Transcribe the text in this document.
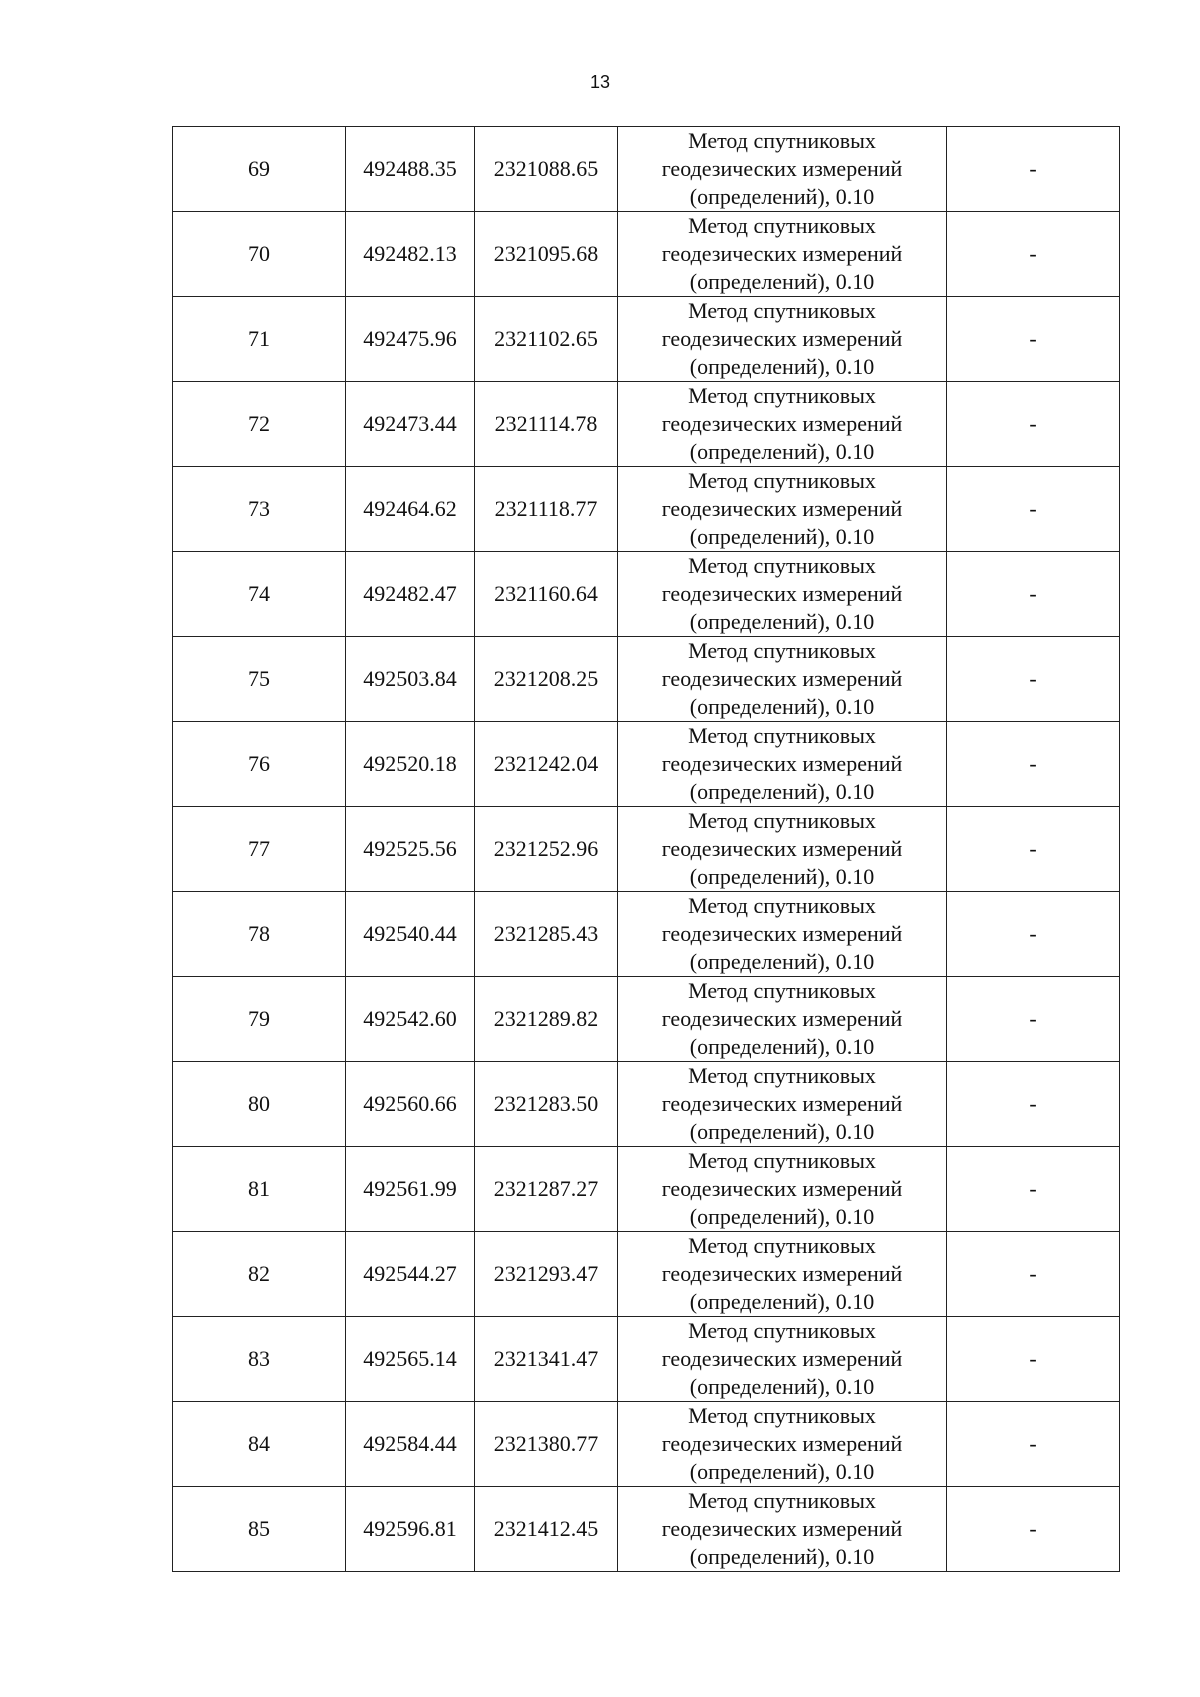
13
69	492488.35	2321088.65	Метод спутниковых
геодезических измерений
(определений), 0.10	-
70	492482.13	2321095.68	Метод спутниковых
геодезических измерений
(определений), 0.10	-
71	492475.96	2321102.65	Метод спутниковых
геодезических измерений
(определений), 0.10	-
72	492473.44	2321114.78	Метод спутниковых
геодезических измерений
(определений), 0.10	-
73	492464.62	2321118.77	Метод спутниковых
геодезических измерений
(определений), 0.10	-
74	492482.47	2321160.64	Метод спутниковых
геодезических измерений
(определений), 0.10	-
75	492503.84	2321208.25	Метод спутниковых
геодезических измерений
(определений), 0.10	-
76	492520.18	2321242.04	Метод спутниковых
геодезических измерений
(определений), 0.10	-
77	492525.56	2321252.96	Метод спутниковых
геодезических измерений
(определений), 0.10	-
78	492540.44	2321285.43	Метод спутниковых
геодезических измерений
(определений), 0.10	-
79	492542.60	2321289.82	Метод спутниковых
геодезических измерений
(определений), 0.10	-
80	492560.66	2321283.50	Метод спутниковых
геодезических измерений
(определений), 0.10	-
81	492561.99	2321287.27	Метод спутниковых
геодезических измерений
(определений), 0.10	-
82	492544.27	2321293.47	Метод спутниковых
геодезических измерений
(определений), 0.10	-
83	492565.14	2321341.47	Метод спутниковых
геодезических измерений
(определений), 0.10	-
84	492584.44	2321380.77	Метод спутниковых
геодезических измерений
(определений), 0.10	-
85	492596.81	2321412.45	Метод спутниковых
геодезических измерений
(определений), 0.10	-
